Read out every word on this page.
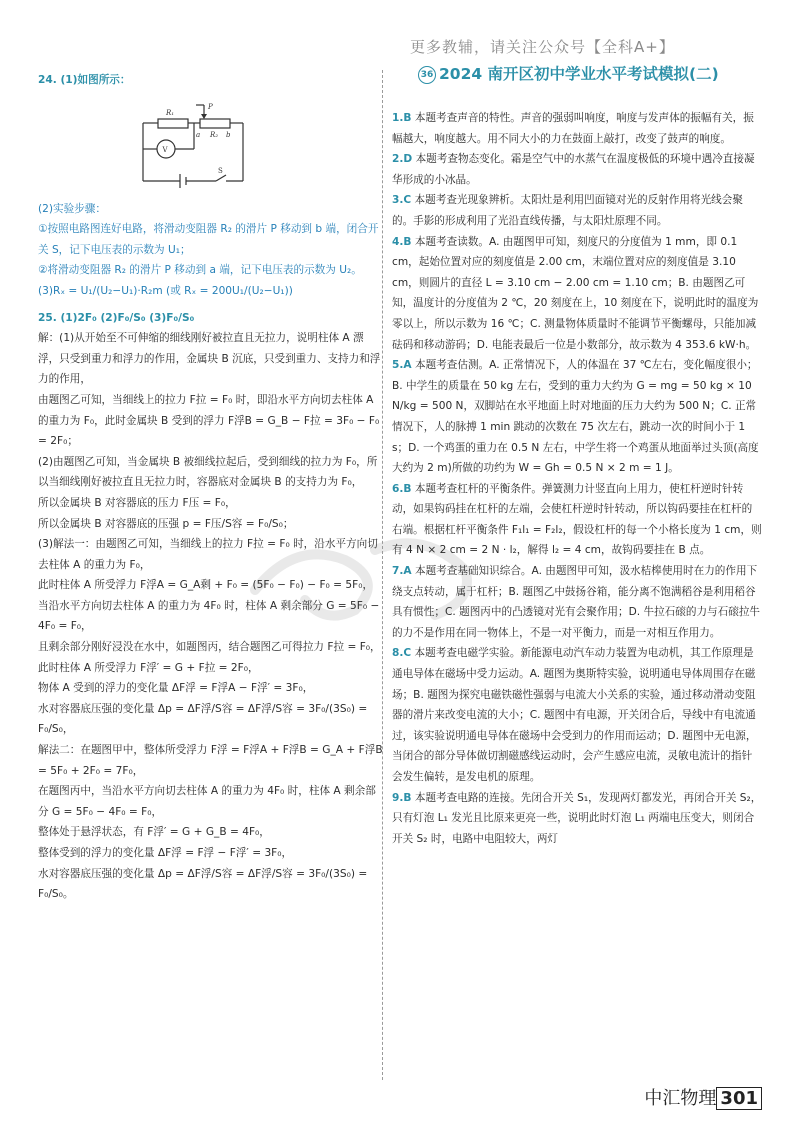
更多教辅，请关注公众号【全科A+】
36 2024 南开区初中学业水平考试模拟(二)

24. (1)如图所示：

R₁
P
a R₂ b
V
S

(2)实验步骤：

①按照电路图连好电路，将滑动变阻器 R₂ 的滑片 P 移动到 b 端，闭合开关 S，记下电压表的示数为 U₁；

②将滑动变阻器 R₂ 的滑片 P 移动到 a 端，记下电压表的示数为 U₂。

(3)Rₓ = U₁/(U₂−U₁)·R₂m (或 Rₓ = 200U₁/(U₂−U₁))

25. (1)2F₀ (2)F₀/S₀ (3)F₀/S₀

解：(1)从开始至不可伸缩的细线刚好被拉直且无拉力，说明柱体 A 漂浮，只受到重力和浮力的作用，金属块 B 沉底，只受到重力、支持力和浮力的作用，

由题图乙可知，当细线上的拉力 F拉 = F₀ 时，即沿水平方向切去柱体 A 的重力为 F₀，此时金属块 B 受到的浮力 F浮B = G_B − F拉 = 3F₀ − F₀ = 2F₀；

(2)由题图乙可知，当金属块 B 被细线拉起后，受到细线的拉力为 F₀，所以当细线刚好被拉直且无拉力时，容器底对金属块 B 的支持力为 F₀，

所以金属块 B 对容器底的压力 F压 = F₀，

所以金属块 B 对容器底的压强 p = F压/S容 = F₀/S₀；

(3)解法一：由题图乙可知，当细线上的拉力 F拉 = F₀ 时，沿水平方向切去柱体 A 的重力为 F₀，

此时柱体 A 所受浮力 F浮A = G_A剩 + F₀ = (5F₀ − F₀) − F₀ = 5F₀，

当沿水平方向切去柱体 A 的重力为 4F₀ 时，柱体 A 剩余部分 G = 5F₀ − 4F₀ = F₀，

且剩余部分刚好浸没在水中，如题图丙，结合题图乙可得拉力 F拉 = F₀，

此时柱体 A 所受浮力 F浮′ = G + F拉 = 2F₀，

物体 A 受到的浮力的变化量 ΔF浮 = F浮A − F浮′ = 3F₀，

水对容器底压强的变化量 Δp = ΔF浮/S容 = ΔF浮/S容 = 3F₀/(3S₀) = F₀/S₀，

解法二：在题图甲中，整体所受浮力 F浮 = F浮A + F浮B = G_A + F浮B = 5F₀ + 2F₀ = 7F₀，

在题图丙中，当沿水平方向切去柱体 A 的重力为 4F₀ 时，柱体 A 剩余部分 G = 5F₀ − 4F₀ = F₀，

整体处于悬浮状态，有 F浮′ = G + G_B = 4F₀，

整体受到的浮力的变化量 ΔF浮 = F浮 − F浮′ = 3F₀，

水对容器底压强的变化量 Δp = ΔF浮/S容 = ΔF浮/S容 = 3F₀/(3S₀) = F₀/S₀。

1.B 本题考查声音的特性。声音的强弱叫响度，响度与发声体的振幅有关，振幅越大，响度越大。用不同大小的力在鼓面上敲打，改变了鼓声的响度。

2.D 本题考查物态变化。霜是空气中的水蒸气在温度极低的环境中遇冷直接凝华形成的小冰晶。

3.C 本题考查光现象辨析。太阳灶是利用凹面镜对光的反射作用将光线会聚的。手影的形成利用了光沿直线传播，与太阳灶原理不同。

4.B 本题考查读数。A. 由题图甲可知，刻度尺的分度值为 1 mm，即 0.1 cm，起始位置对应的刻度值是 2.00 cm，末端位置对应的刻度值是 3.10 cm，则圆片的直径 L = 3.10 cm − 2.00 cm = 1.10 cm；B. 由题图乙可知，温度计的分度值为 2 ℃，20 刻度在上，10 刻度在下，说明此时的温度为零以上，所以示数为 16 ℃；C. 测量物体质量时不能调节平衡螺母，只能加减砝码和移动游码；D. 电能表最后一位是小数部分，故示数为 4 353.6 kW·h。

5.A 本题考查估测。A. 正常情况下，人的体温在 37 ℃左右，变化幅度很小；B. 中学生的质量在 50 kg 左右，受到的重力大约为 G = mg = 50 kg × 10 N/kg = 500 N，双脚站在水平地面上时对地面的压力大约为 500 N；C. 正常情况下，人的脉搏 1 min 跳动的次数在 75 次左右，跳动一次的时间小于 1 s；D. 一个鸡蛋的重力在 0.5 N 左右，中学生将一个鸡蛋从地面举过头顶(高度大约为 2 m)所做的功约为 W = Gh = 0.5 N × 2 m = 1 J。

6.B 本题考查杠杆的平衡条件。弹簧测力计竖直向上用力，使杠杆逆时针转动，如果钩码挂在杠杆的左端，会使杠杆逆时针转动，所以钩码要挂在杠杆的右端。根据杠杆平衡条件 F₁l₁ = F₂l₂，假设杠杆的每一个小格长度为 1 cm，则有 4 N × 2 cm = 2 N · l₂，解得 l₂ = 4 cm，故钩码要挂在 B 点。

7.A 本题考查基础知识综合。A. 由题图甲可知，汲水桔槔使用时在力的作用下绕支点转动，属于杠杆；B. 题图乙中鼓扬谷箱，能分离不饱满稻谷是利用稻谷具有惯性；C. 题图丙中的凸透镜对光有会聚作用；D. 牛拉石磙的力与石磙拉牛的力不是作用在同一物体上，不是一对平衡力，而是一对相互作用力。

8.C 本题考查电磁学实验。新能源电动汽车动力装置为电动机，其工作原理是通电导体在磁场中受力运动。A. 题图为奥斯特实验，说明通电导体周围存在磁场；B. 题图为探究电磁铁磁性强弱与电流大小关系的实验，通过移动滑动变阻器的滑片来改变电流的大小；C. 题图中有电源，开关闭合后，导线中有电流通过，该实验说明通电导体在磁场中会受到力的作用而运动；D. 题图中无电源，当闭合的部分导体做切割磁感线运动时，会产生感应电流，灵敏电流计的指针会发生偏转，是发电机的原理。

9.B 本题考查电路的连接。先闭合开关 S₁，发现两灯都发光，再闭合开关 S₂，只有灯泡 L₁ 发光且比原来更亮一些，说明此时灯泡 L₁ 两端电压变大，则闭合开关 S₂ 时，电路中电阻较大，两灯

中汇物理 301
